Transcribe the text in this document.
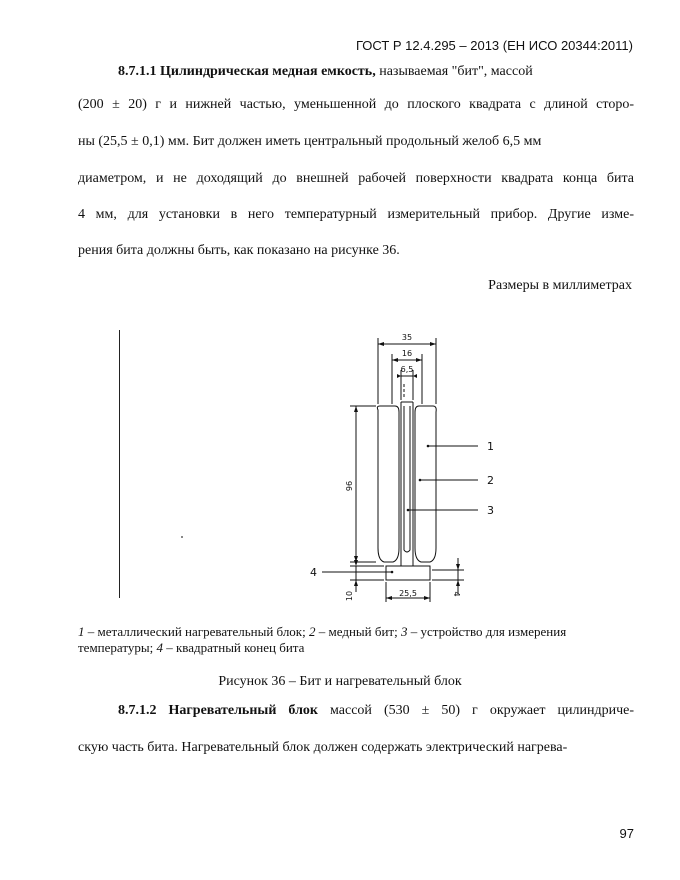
ГОСТ Р 12.4.295 – 2013 (ЕН ИСО 20344:2011)
8.7.1.1 Цилиндрическая медная емкость, называемая "бит", массой
(200 ± 20) г и нижней частью, уменьшенной до плоского квадрата с длиной сторо-
ны (25,5 ± 0,1) мм. Бит должен иметь центральный продольный желоб 6,5 мм
диаметром, и не доходящий до внешней рабочей поверхности квадрата конца бита
4 мм, для установки в него температурный измерительный прибор. Другие изме-
рения бита должны быть, как показано на рисунке 36.
Размеры в миллиметрах
35
16
6,5
96
10	25,5	4
1
2
3
4
1 – металлический нагревательный блок; 2 – медный бит; 3 – устройство для измерения температуры; 4 – квадратный конец бита
Рисунок 36 – Бит и нагревательный блок
8.7.1.2 Нагревательный блок массой (530 ± 50) г окружает цилиндриче-
скую часть бита. Нагревательный блок должен содержать электрический нагрева-
97
